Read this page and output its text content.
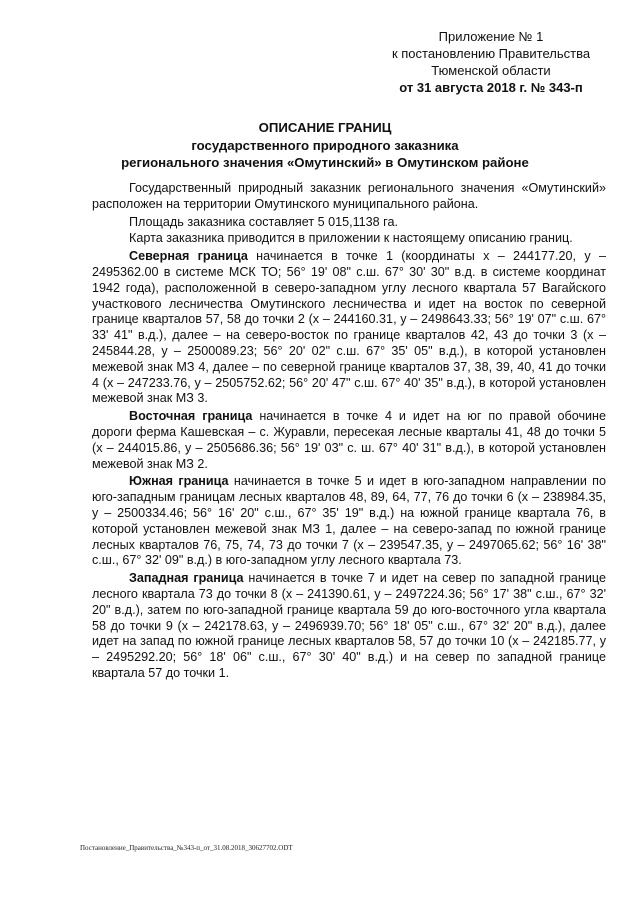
Приложение № 1
к постановлению Правительства
Тюменской области
от 31 августа 2018 г. № 343-п
ОПИСАНИЕ ГРАНИЦ
государственного природного заказника
регионального значения «Омутинский» в Омутинском районе

Государственный природный заказник регионального значения «Омутинский» расположен на территории Омутинского муниципального района.

Площадь заказника составляет 5 015,1138 га.

Карта заказника приводится в приложении к настоящему описанию границ.

Северная граница начинается в точке 1 (координаты х – 244177.20, у – 2495362.00 в системе МСК ТО; 56° 19' 08" с.ш. 67° 30' 30" в.д. в системе координат 1942 года), расположенной в северо-западном углу лесного квартала 57 Вагайского участкового лесничества Омутинского лесничества и идет на восток по северной границе кварталов 57, 58 до точки 2 (х – 244160.31, у – 2498643.33; 56° 19' 07" с.ш. 67° 33' 41" в.д.), далее – на северо-восток по границе кварталов 42, 43 до точки 3 (х – 245844.28, у – 2500089.23; 56° 20' 02" с.ш. 67° 35' 05" в.д.), в которой установлен межевой знак МЗ 4, далее – по северной границе кварталов 37, 38, 39, 40, 41 до точки 4 (х – 247233.76, у – 2505752.62; 56° 20' 47" с.ш. 67° 40' 35" в.д.), в которой установлен межевой знак МЗ 3.

Восточная граница начинается в точке 4 и идет на юг по правой обочине дороги ферма Кашевская – с. Журавли, пересекая лесные кварталы 41, 48 до точки 5 (х – 244015.86, у – 2505686.36; 56° 19' 03" с. ш. 67° 40' 31" в.д.), в которой установлен межевой знак МЗ 2.

Южная граница начинается в точке 5 и идет в юго-западном направлении по юго-западным границам лесных кварталов 48, 89, 64, 77, 76 до точки 6 (х – 238984.35, у – 2500334.46; 56° 16' 20" с.ш., 67° 35' 19" в.д.) на южной границе квартала 76, в которой установлен межевой знак МЗ 1, далее – на северо-запад по южной границе лесных кварталов 76, 75, 74, 73 до точки 7 (х – 239547.35, у – 2497065.62; 56° 16' 38" с.ш., 67° 32' 09" в.д.) в юго-западном углу лесного квартала 73.

Западная граница начинается в точке 7 и идет на север по западной границе лесного квартала 73 до точки 8 (х – 241390.61, у – 2497224.36; 56° 17' 38" с.ш., 67° 32' 20" в.д.), затем по юго-западной границе квартала 59 до юго-восточного угла квартала 58 до точки 9 (х – 242178.63, у – 2496939.70; 56° 18' 05" с.ш., 67° 32' 20" в.д.), далее идет на запад по южной границе лесных кварталов 58, 57 до точки 10 (х – 242185.77, у – 2495292.20; 56° 18' 06" с.ш., 67° 30' 40" в.д.) и на север по западной границе квартала 57 до точки 1.

Постановление_Правительства_№343-п_от_31.08.2018_30627702.ODT
